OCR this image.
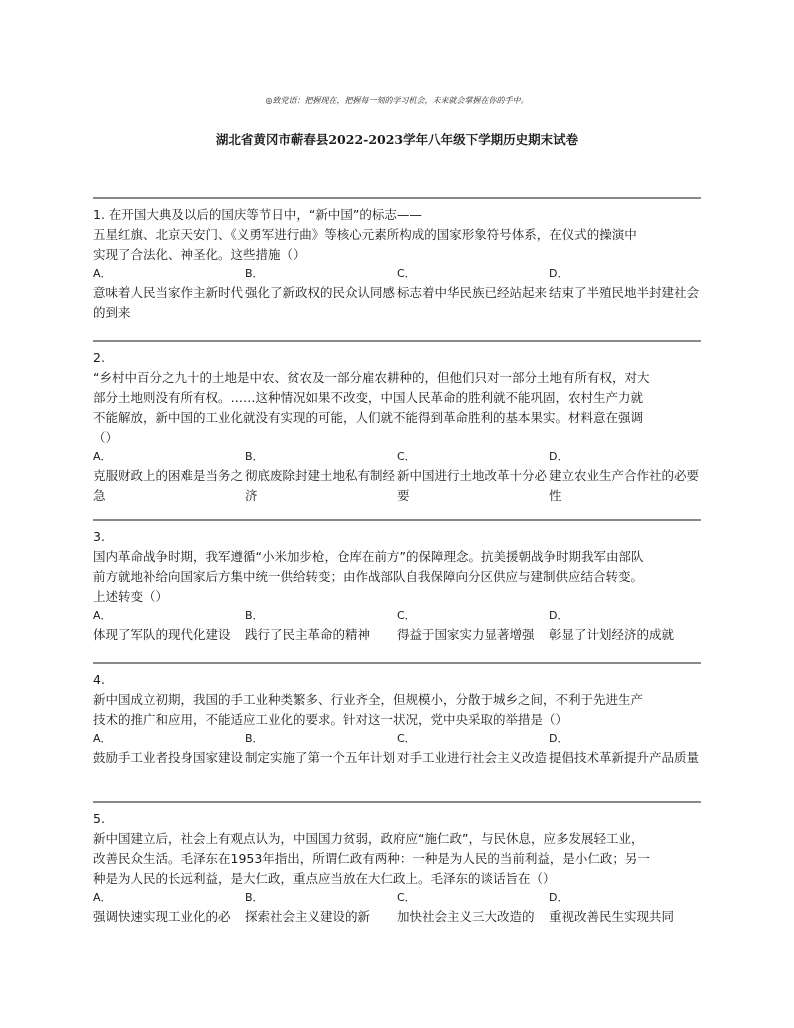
◎致党语：把握现在，把握每一刻的学习机会，未来就会掌握在你的手中。
湖北省黄冈市蕲春县2022-2023学年八年级下学期历史期末试卷
1. 在开国大典及以后的国庆等节日中，“新中国”的标志——
五星红旗、北京天安门、《义勇军进行曲》等核心元素所构成的国家形象符号体系，在仪式的操演中
实现了合法化、神圣化。这些措施（）
A．
意味着人民当家作主新时代的到来
B．
强化了新政权的民众认同感
C．
标志着中华民族已经站起来
D．
结束了半殖民地半封建社会
2.
“乡村中百分之九十的土地是中农、贫农及一部分雇农耕种的，但他们只对一部分土地有所有权，对大
部分土地则没有所有权。……这种情况如果不改变，中国人民革命的胜利就不能巩固，农村生产力就
不能解放，新中国的工业化就没有实现的可能，人们就不能得到革命胜利的基本果实。材料意在强调
（）
A．
克服财政上的困难是当务之急
B．
彻底废除封建土地私有制经济
C．
新中国进行土地改革十分必要
D．
建立农业生产合作社的必要性
3.
国内革命战争时期，我军遵循“小米加步枪，仓库在前方”的保障理念。抗美援朝战争时期我军由部队
前方就地补给向国家后方集中统一供给转变；由作战部队自我保障向分区供应与建制供应结合转变。
上述转变（）
A．
体现了军队的现代化建设
B．
践行了民主革命的精神
C．
得益于国家实力显著增强
D．
彰显了计划经济的成就
4.
新中国成立初期，我国的手工业种类繁多、行业齐全，但规模小，分散于城乡之间，不利于先进生产
技术的推广和应用，不能适应工业化的要求。针对这一状况，党中央采取的举措是（）
A．
鼓励手工业者投身国家建设
B．
制定实施了第一个五年计划
C．
对手工业进行社会主义改造
D．
提倡技术革新提升产品质量
5.
新中国建立后，社会上有观点认为，中国国力贫弱，政府应“施仁政”，与民休息，应多发展轻工业，
改善民众生活。毛泽东在1953年指出，所谓仁政有两种：一种是为人民的当前利益，是小仁政；另一
种是为人民的长远利益，是大仁政，重点应当放在大仁政上。毛泽东的谈话旨在（）
A．
强调快速实现工业化的必
B．
探索社会主义建设的新
C．
加快社会主义三大改造的
D．
重视改善民生实现共同
